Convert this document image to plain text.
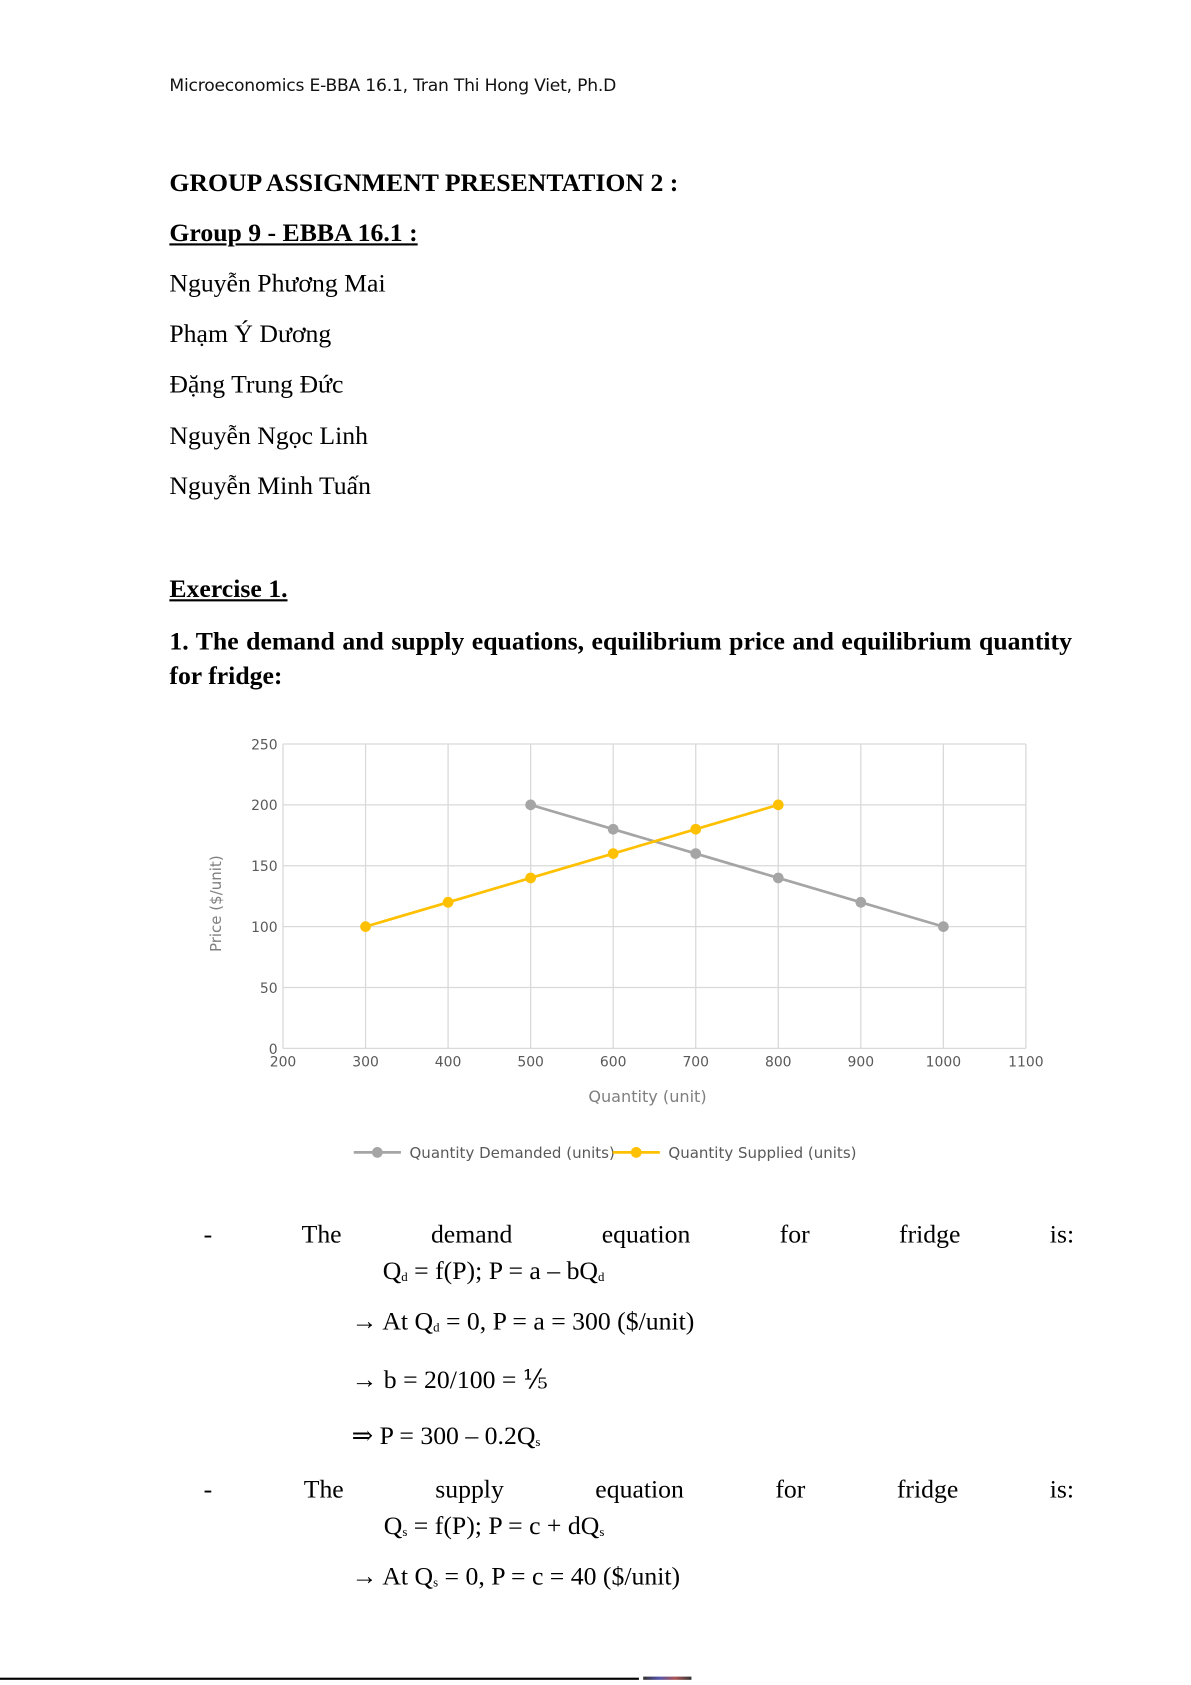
Microeconomics E-BBA 16.1, Tran Thi Hong Viet, Ph.D
GROUP ASSIGNMENT PRESENTATION 2 :
Group 9 - EBBA 16.1 :
Nguyễn Phương Mai
Phạm Ý Dương
Đặng Trung Đức
Nguyễn Ngọc Linh
Nguyễn Minh Tuấn
Exercise 1.
1. The demand and supply equations, equilibrium price and equilibrium quantity for fridge:
0
50
100
150
200
250
200	300	400	500	600	700	800	900	1000	1100
Price ($/unit)
Quantity (unit)
Quantity Demanded (units)	Quantity Supplied (units)
-	The	demand	equation	for	fridge	is:
$Q_d = f(P)$; $P = a - bQ_d$
→ At $Q_d = 0$, P = a = 300 ($/unit)
→ b = 20/100 = ⅕
⇒ $P = 300 - 0.2Q_s$
-	The	supply	equation	for	fridge	is:
$Q_s = f(P)$; $P = c + dQ_s$
→ At $Q_s = 0$, P = c = 40 ($/unit)
